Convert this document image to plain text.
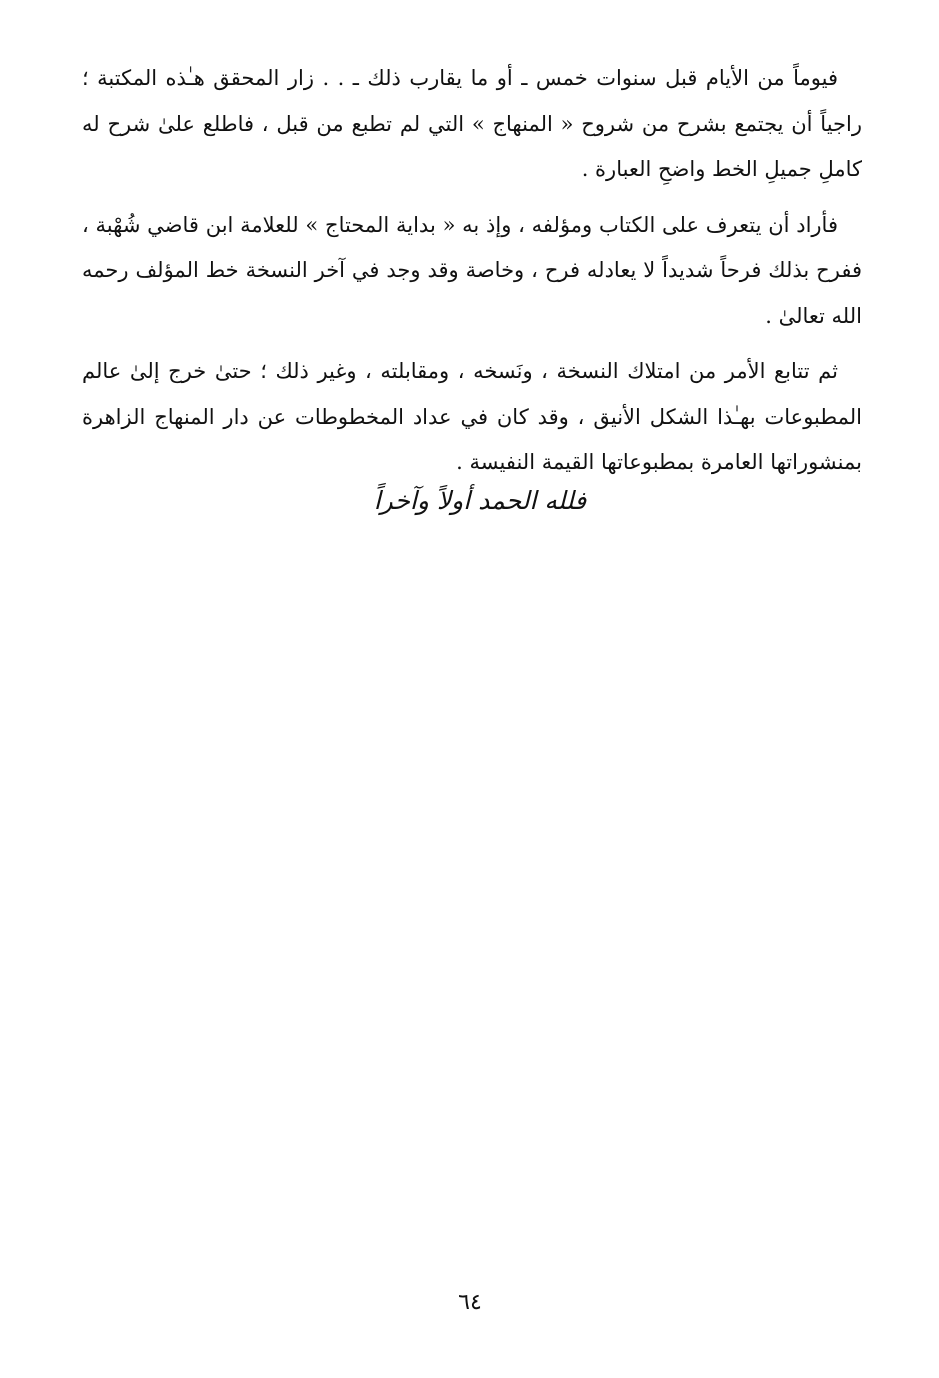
فيوماً من الأيام قبل سنوات خمس ـ أو ما يقارب ذلك ـ . . زار المحقق هـٰذه المكتبة ؛ راجياً أن يجتمع بشرح من شروح « المنهاج » التي لم تطبع من قبل ، فاطلع علىٰ شرح له كاملِ جميلِ الخط واضحِ العبارة .

فأراد أن يتعرف على الكتاب ومؤلفه ، وإذ به « بداية المحتاج » للعلامة ابن قاضي شُهْبة ، ففرح بذلك فرحاً شديداً لا يعادله فرح ، وخاصة وقد وجد في آخر النسخة خط المؤلف رحمه الله تعالىٰ .

ثم تتابع الأمر من امتلاك النسخة ، ونَسخه ، ومقابلته ، وغير ذلك ؛ حتىٰ خرج إلىٰ عالم المطبوعات بهـٰذا الشكل الأنيق ، وقد كان في عداد المخطوطات عن دار المنهاج الزاهرة بمنشوراتها العامرة بمطبوعاتها القيمة النفيسة .

فلله الحمد أولاً وآخراً
٦٤
